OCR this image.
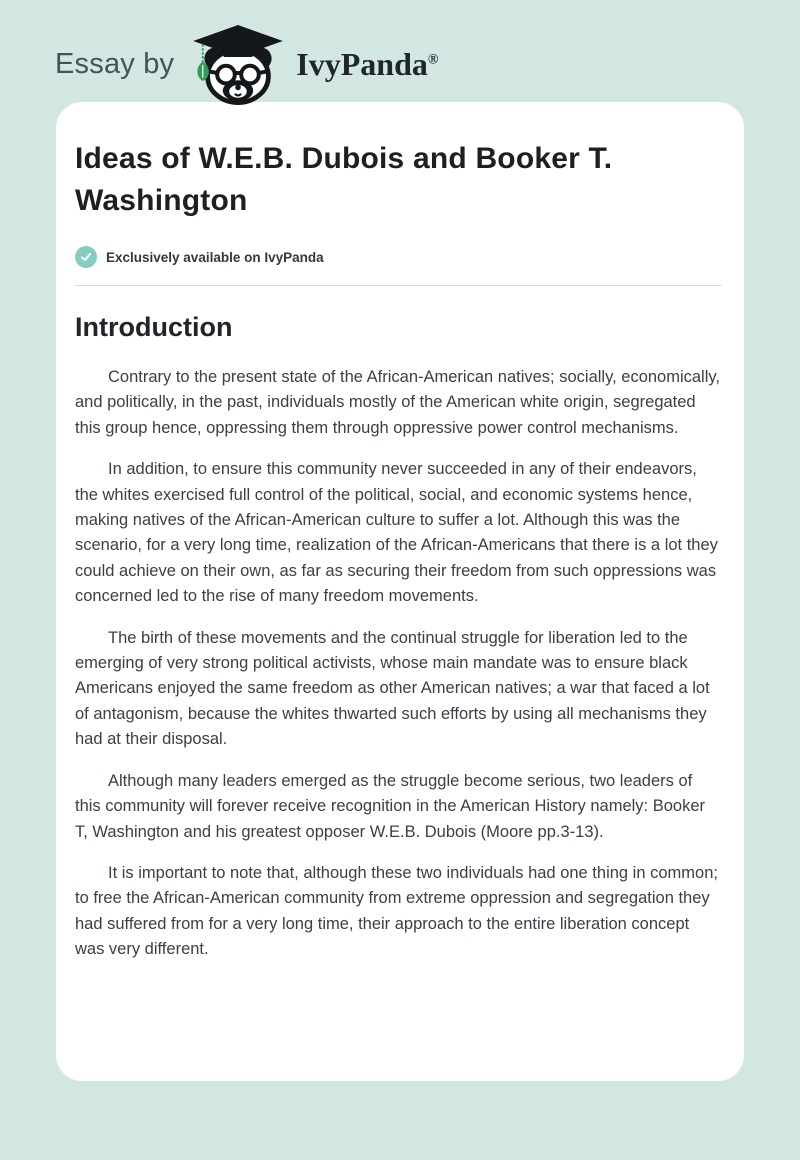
Essay by	IvyPanda®
Ideas of W.E.B. Dubois and Booker T. Washington
Exclusively available on IvyPanda
Introduction

Contrary to the present state of the African-American natives; socially, economically, and politically, in the past, individuals mostly of the American white origin, segregated this group hence, oppressing them through oppressive power control mechanisms.

In addition, to ensure this community never succeeded in any of their endeavors, the whites exercised full control of the political, social, and economic systems hence, making natives of the African-American culture to suffer a lot. Although this was the scenario, for a very long time, realization of the African-Americans that there is a lot they could achieve on their own, as far as securing their freedom from such oppressions was concerned led to the rise of many freedom movements.

The birth of these movements and the continual struggle for liberation led to the emerging of very strong political activists, whose main mandate was to ensure black Americans enjoyed the same freedom as other American natives; a war that faced a lot of antagonism, because the whites thwarted such efforts by using all mechanisms they had at their disposal.

Although many leaders emerged as the struggle become serious, two leaders of this community will forever receive recognition in the American History namely: Booker T, Washington and his greatest opposer W.E.B. Dubois (Moore pp.3-13).

It is important to note that, although these two individuals had one thing in common; to free the African-American community from extreme oppression and segregation they had suffered from for a very long time, their approach to the entire liberation concept was very different.
